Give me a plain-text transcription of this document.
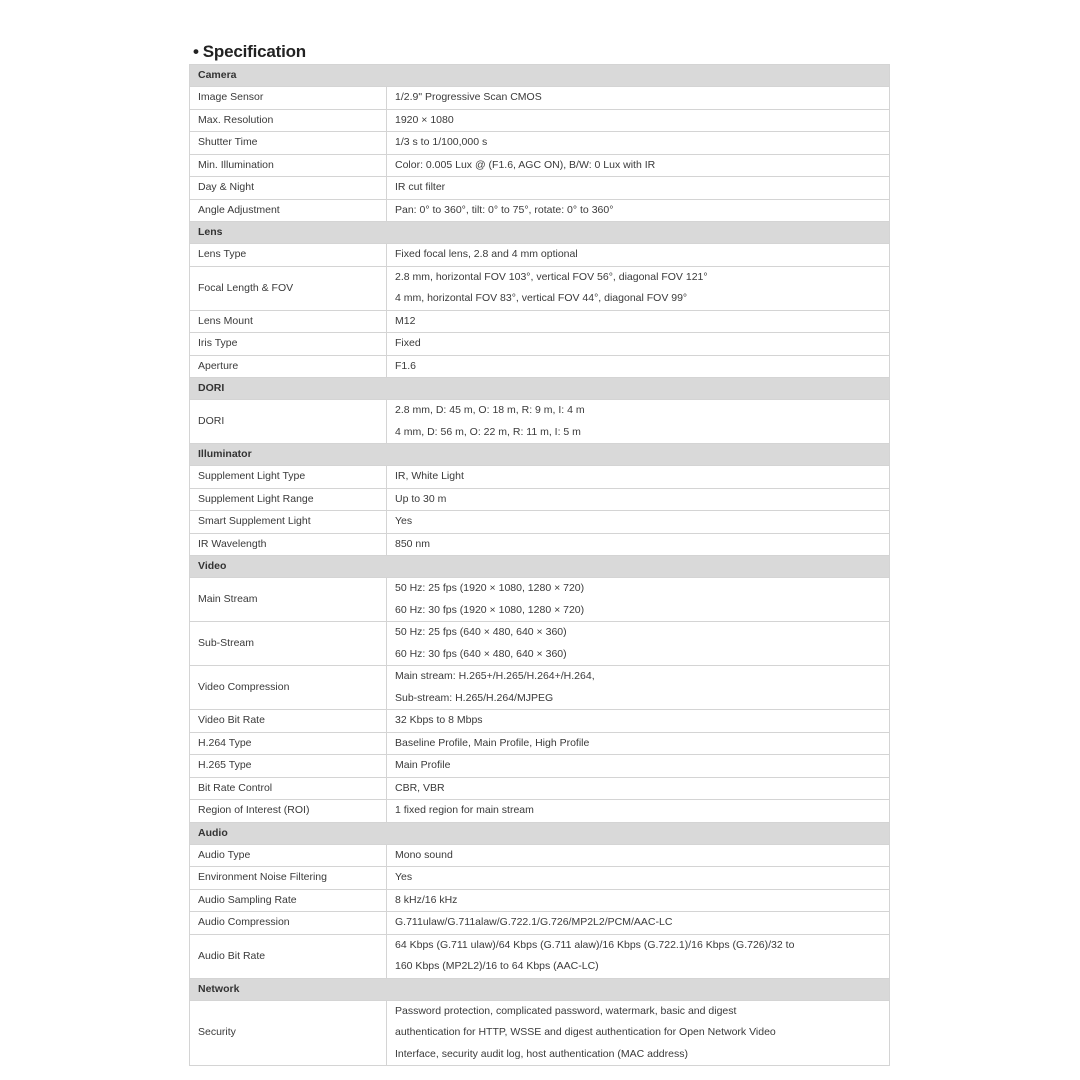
• Specification
Camera	
Image Sensor	1/2.9" Progressive Scan CMOS

Max. Resolution	1920 × 1080

Shutter Time	1/3 s to 1/100,000 s

Min. Illumination	Color: 0.005 Lux @ (F1.6, AGC ON), B/W: 0 Lux with IR

Day & Night	IR cut filter

Angle Adjustment	Pan: 0° to 360°, tilt: 0° to 75°, rotate: 0° to 360°

Lens	
Lens Type	Fixed focal lens, 2.8 and 4 mm optional

Focal Length & FOV	2.8 mm, horizontal FOV 103°, vertical FOV 56°, diagonal FOV 121°
4 mm, horizontal FOV 83°, vertical FOV 44°, diagonal FOV 99°

Lens Mount	M12

Iris Type	Fixed

Aperture	F1.6

DORI	
DORI	2.8 mm, D: 45 m, O: 18 m, R: 9 m, I: 4 m
4 mm, D: 56 m, O: 22 m, R: 11 m, I: 5 m

Illuminator	
Supplement Light Type	IR, White Light

Supplement Light Range	Up to 30 m

Smart Supplement Light	Yes

IR Wavelength	850 nm

Video	
Main Stream	50 Hz: 25 fps (1920 × 1080, 1280 × 720)
60 Hz: 30 fps (1920 × 1080, 1280 × 720)

Sub-Stream	50 Hz: 25 fps (640 × 480, 640 × 360)
60 Hz: 30 fps (640 × 480, 640 × 360)

Video Compression	Main stream: H.265+/H.265/H.264+/H.264,
Sub-stream: H.265/H.264/MJPEG

Video Bit Rate	32 Kbps to 8 Mbps

H.264 Type	Baseline Profile, Main Profile, High Profile

H.265 Type	Main Profile

Bit Rate Control	CBR, VBR

Region of Interest (ROI)	1 fixed region for main stream

Audio	
Audio Type	Mono sound

Environment Noise Filtering	Yes

Audio Sampling Rate	8 kHz/16 kHz

Audio Compression	G.711ulaw/G.711alaw/G.722.1/G.726/MP2L2/PCM/AAC-LC

Audio Bit Rate	64 Kbps (G.711 ulaw)/64 Kbps (G.711 alaw)/16 Kbps (G.722.1)/16 Kbps (G.726)/32 to
160 Kbps (MP2L2)/16 to 64 Kbps (AAC-LC)

Network	
Security	Password protection, complicated password, watermark, basic and digest
authentication for HTTP, WSSE and digest authentication for Open Network Video
Interface, security audit log, host authentication (MAC address)
